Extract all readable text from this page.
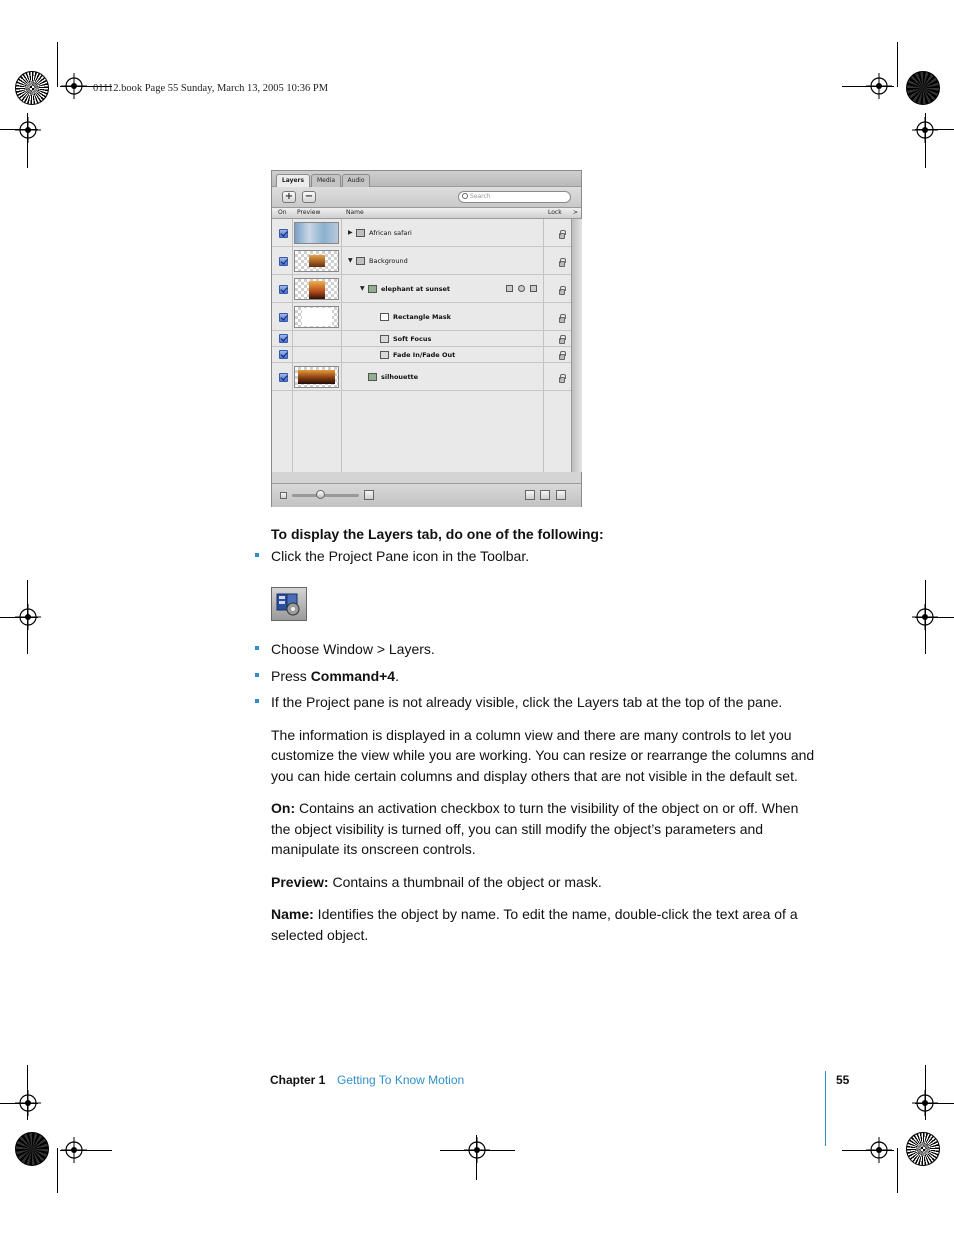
01112.book Page 55 Sunday, March 13, 2005 10:36 PM
Layers	Media	Audio
+ −	Search
On Preview	Name	Lock >
▶	African safari
▼	Background
▼	elephant at sunset
Rectangle Mask
Soft Focus
Fade In/Fade Out
silhouette
To display the Layers tab, do one of the following:
Click the Project Pane icon in the Toolbar.
Choose Window > Layers.
Press Command+4.
If the Project pane is not already visible, click the Layers tab at the top of the pane.
The information is displayed in a column view and there are many controls to let you
customize the view while you are working. You can resize or rearrange the columns and
you can hide certain columns and display others that are not visible in the default set.
On: Contains an activation checkbox to turn the visibility of the object on or off. When
the object visibility is turned off, you can still modify the object’s parameters and
manipulate its onscreen controls.
Preview: Contains a thumbnail of the object or mask.
Name: Identifies the object by name. To edit the name, double-click the text area of a
selected object.
Chapter 1 Getting To Know Motion	55
